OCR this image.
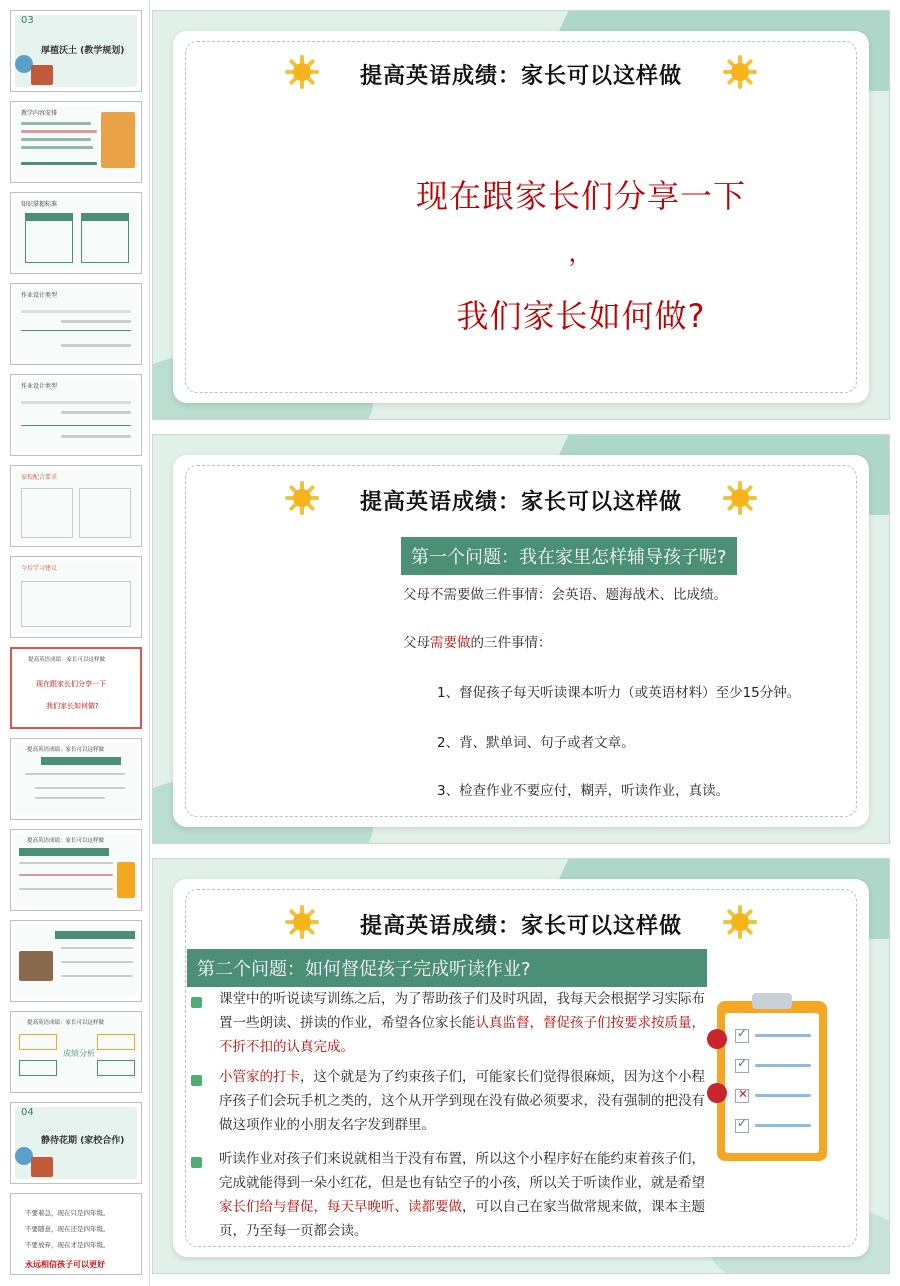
03
厚植沃土 (教学规划)
教学内容安排
知识掌握标准
作业设计类型
作业设计类型
家校配合要求
今后学习建议
提高英语成绩：家长可以这样做
现在跟家长们分享一下
我们家长如何做?
提高英语成绩：家长可以这样做
提高英语成绩：家长可以这样做
提高英语成绩：家长可以这样做
成绩分析
04
静待花期 (家校合作)
不要着急，现在只是四年级。
不要随意，现在还是四年级。
不要放弃，现在才是四年级。
永远相信孩子可以更好
提高英语成绩：家长可以这样做
现在跟家长们分享一下
，
我们家长如何做?
提高英语成绩：家长可以这样做
第一个问题：我在家里怎样辅导孩子呢?
父母不需要做三件事情：会英语、题海战术、比成绩。
父母需要做的三件事情：
1、督促孩子每天听读课本听力（或英语材料）至少15分钟。
2、背、默单词、句子或者文章。
3、检查作业不要应付，糊弄，听读作业，真读。
提高英语成绩：家长可以这样做
第二个问题：如何督促孩子完成听读作业?
课堂中的听说读写训练之后，为了帮助孩子们及时巩固，我每天会根据学习实际布置一些朗读、拼读的作业，希望各位家长能认真监督，督促孩子们按要求按质量，不折不扣的认真完成。
小管家的打卡，这个就是为了约束孩子们，可能家长们觉得很麻烦，因为这个小程序孩子们会玩手机之类的，这个从开学到现在没有做必须要求，没有强制的把没有做这项作业的小朋友名字发到群里。
听读作业对孩子们来说就相当于没有布置，所以这个小程序好在能约束着孩子们，完成就能得到一朵小红花，但是也有钻空子的小孩，所以关于听读作业，就是希望家长们给与督促，每天早晚听、读都要做，可以自己在家当做常规来做，课本主题页，乃至每一页都会读。
✓
✓
✕
✓
